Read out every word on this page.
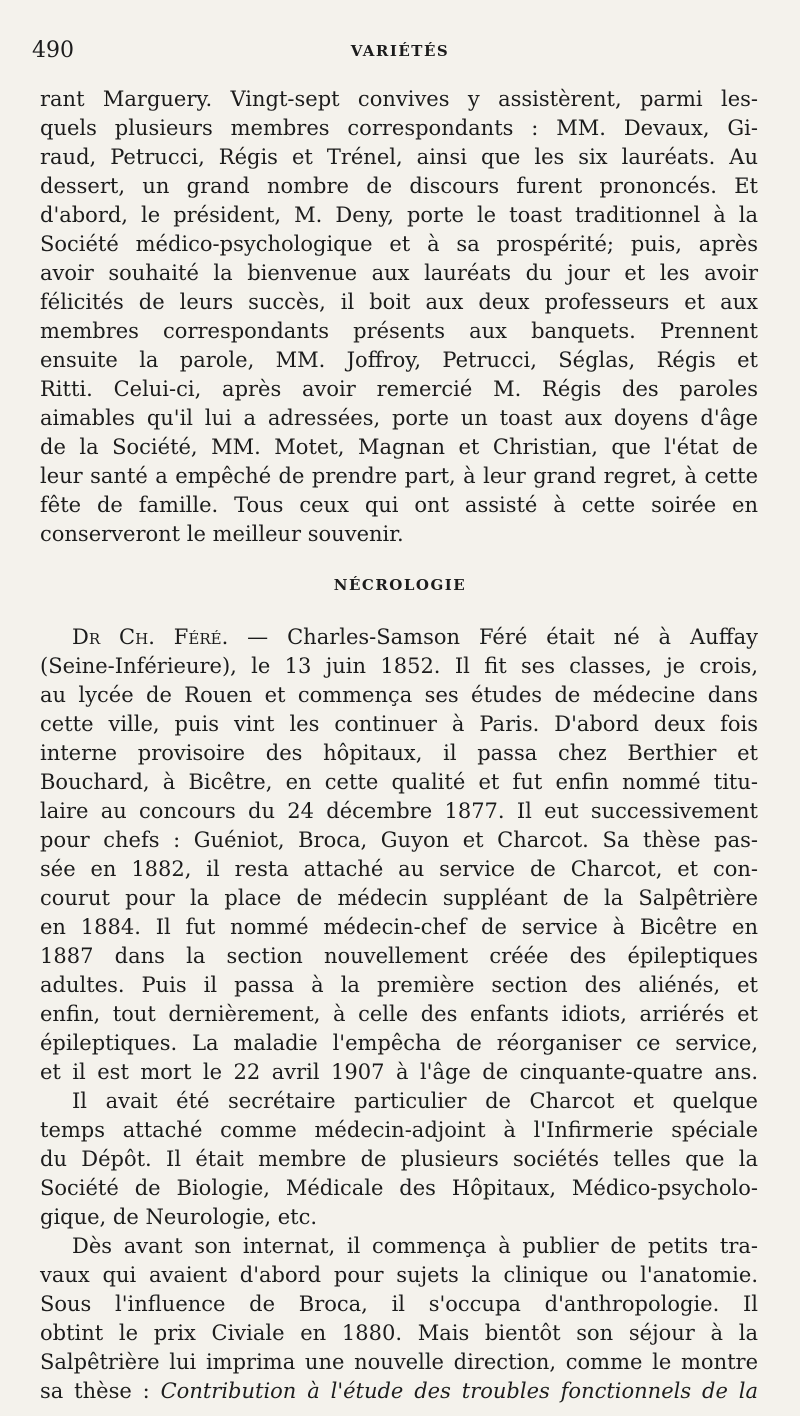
490	VARIÉTÉS
rant Marguery. Vingt-sept convives y assistèrent, parmi les-
quels plusieurs membres correspondants : MM. Devaux, Gi-
raud, Petrucci, Régis et Trénel, ainsi que les six lauréats. Au
dessert, un grand nombre de discours furent prononcés. Et
d'abord, le président, M. Deny, porte le toast traditionnel à la
Société médico-psychologique et à sa prospérité; puis, après
avoir souhaité la bienvenue aux lauréats du jour et les avoir
félicités de leurs succès, il boit aux deux professeurs et aux
membres correspondants présents aux banquets. Prennent
ensuite la parole, MM. Joffroy, Petrucci, Séglas, Régis et
Ritti. Celui-ci, après avoir remercié M. Régis des paroles
aimables qu'il lui a adressées, porte un toast aux doyens d'âge
de la Société, MM. Motet, Magnan et Christian, que l'état de
leur santé a empêché de prendre part, à leur grand regret, à cette
fête de famille. Tous ceux qui ont assisté à cette soirée en
conserveront le meilleur souvenir.
NÉCROLOGIE
Dr Ch. Féré. — Charles-Samson Féré était né à Auffay
(Seine-Inférieure), le 13 juin 1852. Il fit ses classes, je crois,
au lycée de Rouen et commença ses études de médecine dans
cette ville, puis vint les continuer à Paris. D'abord deux fois
interne provisoire des hôpitaux, il passa chez Berthier et
Bouchard, à Bicêtre, en cette qualité et fut enfin nommé titu-
laire au concours du 24 décembre 1877. Il eut successivement
pour chefs : Guéniot, Broca, Guyon et Charcot. Sa thèse pas-
sée en 1882, il resta attaché au service de Charcot, et con-
courut pour la place de médecin suppléant de la Salpêtrière
en 1884. Il fut nommé médecin-chef de service à Bicêtre en
1887 dans la section nouvellement créée des épileptiques
adultes. Puis il passa à la première section des aliénés, et
enfin, tout dernièrement, à celle des enfants idiots, arriérés et
épileptiques. La maladie l'empêcha de réorganiser ce service,
et il est mort le 22 avril 1907 à l'âge de cinquante-quatre ans.
Il avait été secrétaire particulier de Charcot et quelque
temps attaché comme médecin-adjoint à l'Infirmerie spéciale
du Dépôt. Il était membre de plusieurs sociétés telles que la
Société de Biologie, Médicale des Hôpitaux, Médico-psycholo-
gique, de Neurologie, etc.
Dès avant son internat, il commença à publier de petits tra-
vaux qui avaient d'abord pour sujets la clinique ou l'anatomie.
Sous l'influence de Broca, il s'occupa d'anthropologie. Il
obtint le prix Civiale en 1880. Mais bientôt son séjour à la
Salpêtrière lui imprima une nouvelle direction, comme le montre
sa thèse : Contribution à l'étude des troubles fonctionnels de la
